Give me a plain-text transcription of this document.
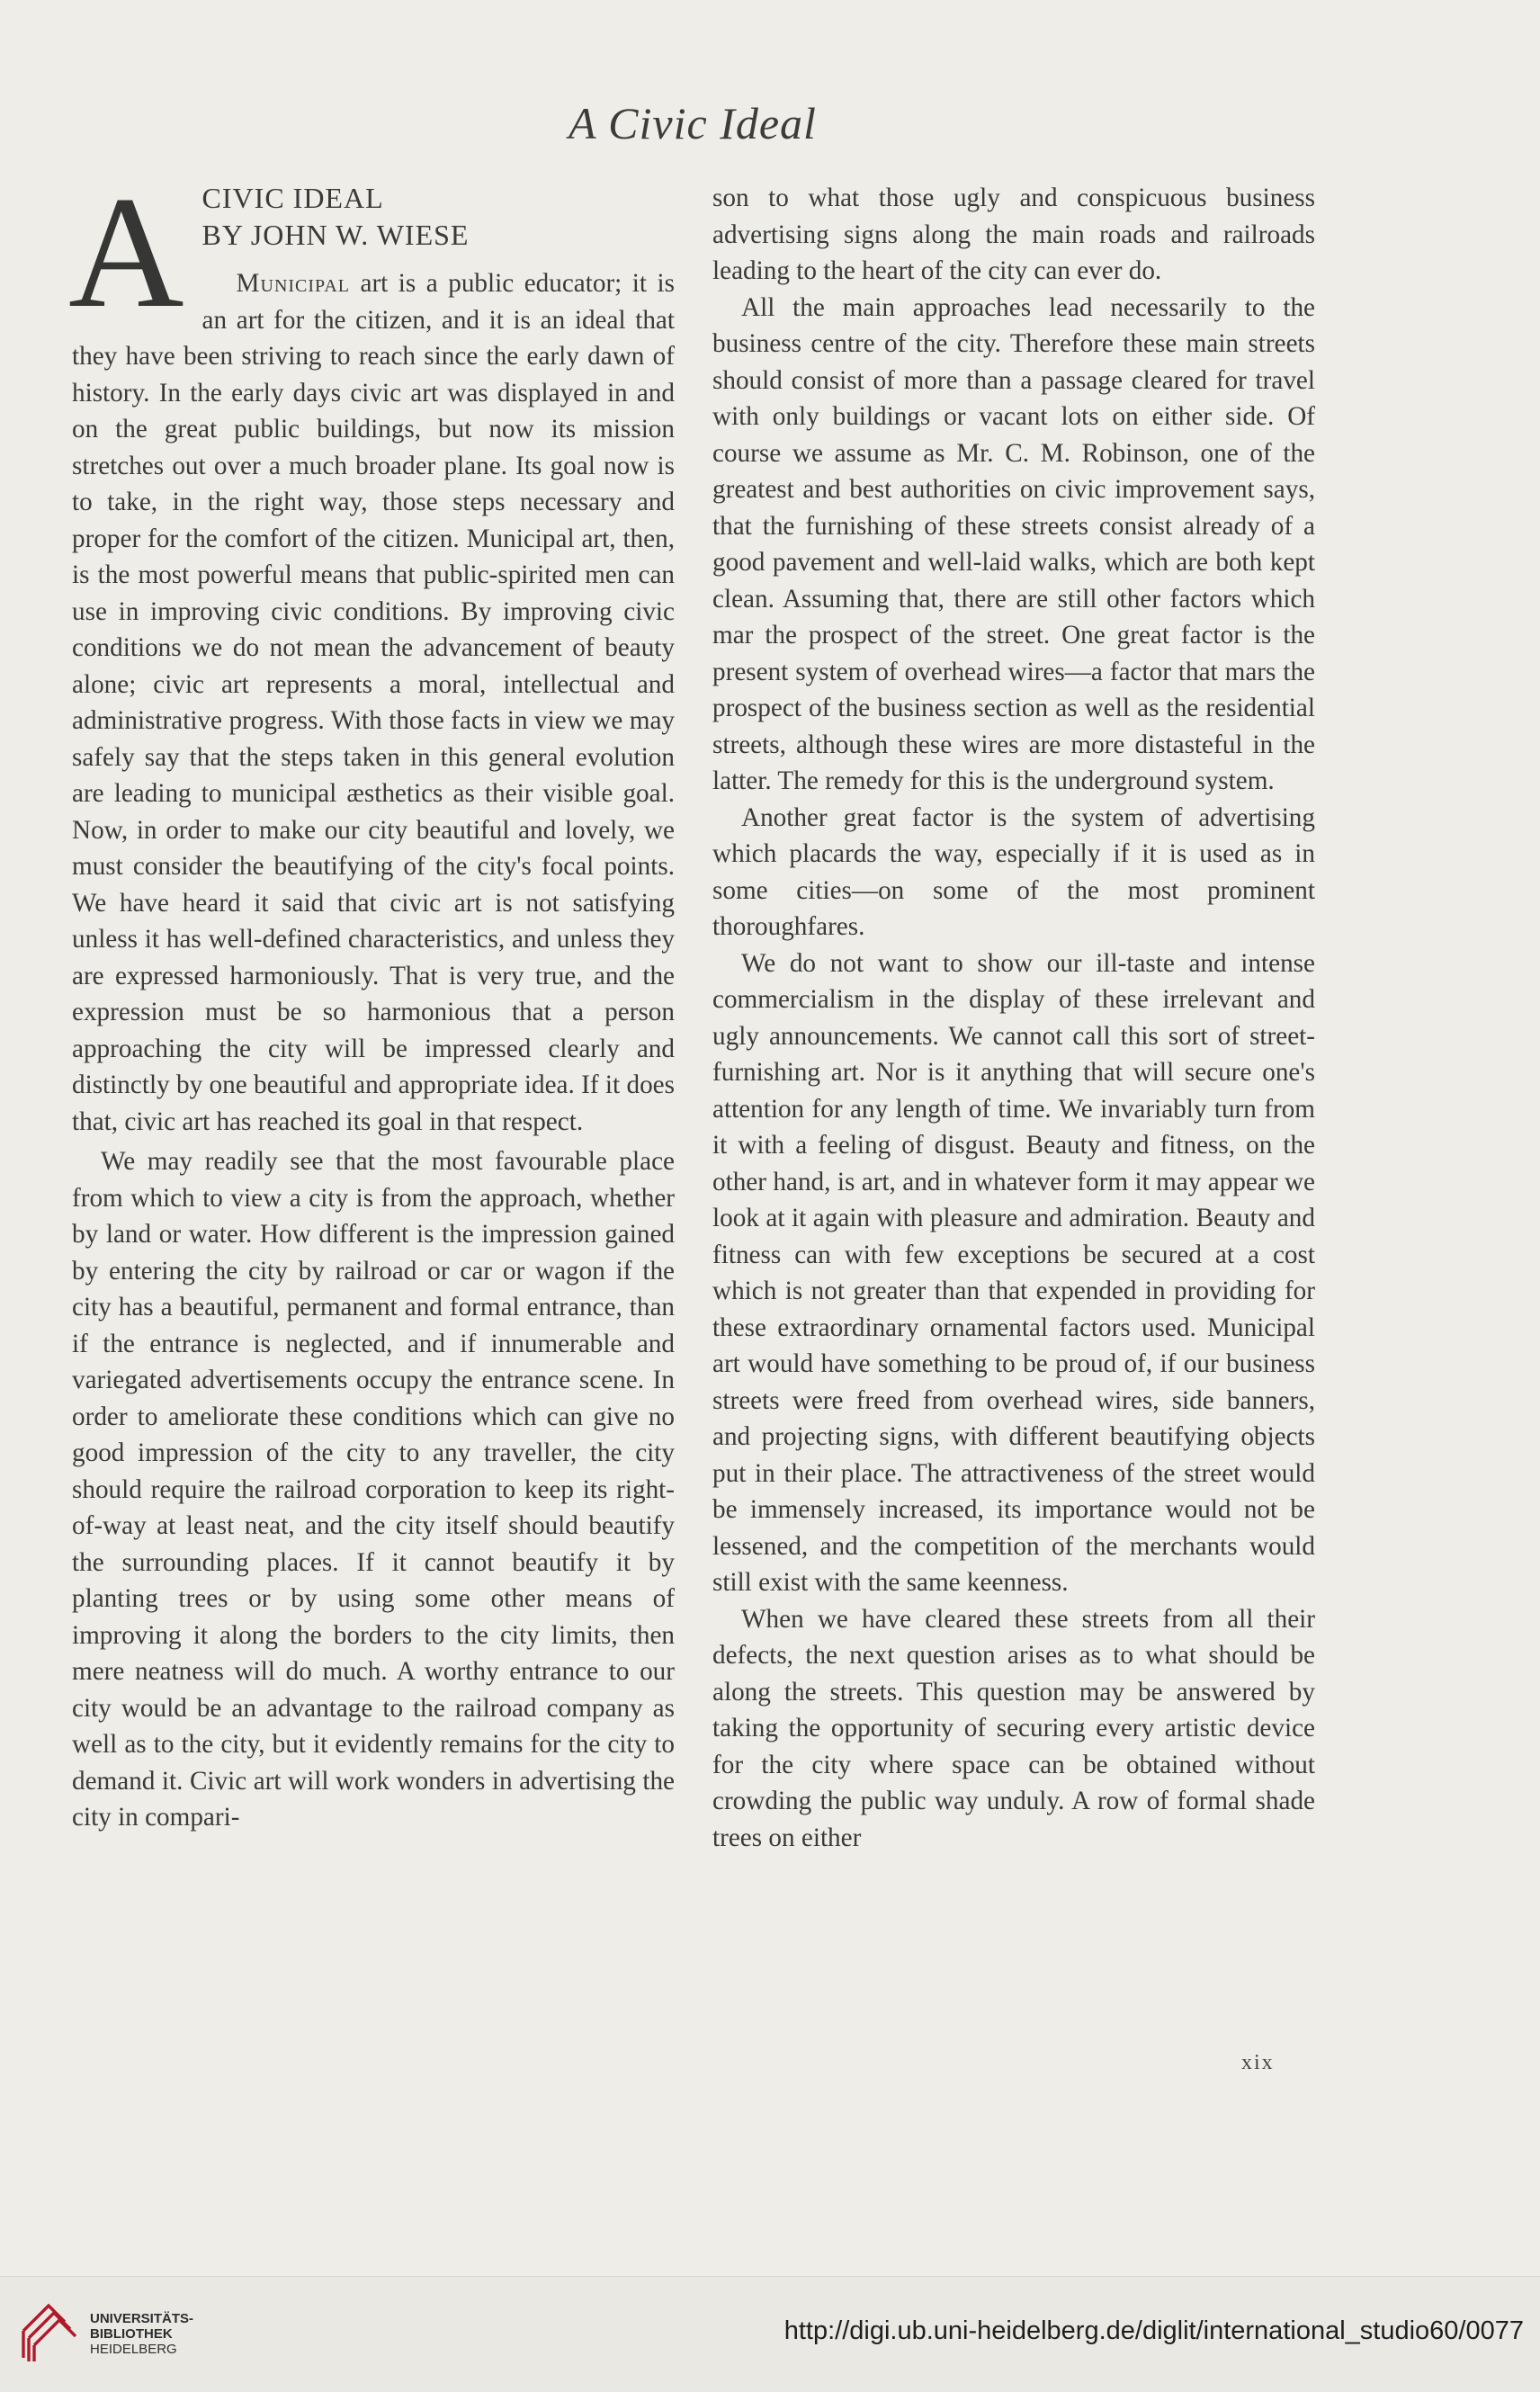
A Civic Ideal
A CIVIC IDEAL
BY JOHN W. WIESE

Municipal art is a public educator; it is an art for the citizen, and it is an ideal that they have been striving to reach since the early dawn of history. In the early days civic art was displayed in and on the great public buildings, but now its mission stretches out over a much broader plane. Its goal now is to take, in the right way, those steps necessary and proper for the comfort of the citizen. Municipal art, then, is the most powerful means that public-spirited men can use in improving civic conditions. By improving civic conditions we do not mean the advancement of beauty alone; civic art represents a moral, intellectual and administrative progress. With those facts in view we may safely say that the steps taken in this general evolution are leading to municipal æsthetics as their visible goal. Now, in order to make our city beautiful and lovely, we must consider the beautifying of the city's focal points. We have heard it said that civic art is not satisfying unless it has well-defined characteristics, and unless they are expressed harmoniously. That is very true, and the expression must be so harmonious that a person approaching the city will be impressed clearly and distinctly by one beautiful and appropriate idea. If it does that, civic art has reached its goal in that respect.

We may readily see that the most favourable place from which to view a city is from the approach, whether by land or water. How different is the impression gained by entering the city by railroad or car or wagon if the city has a beautiful, permanent and formal entrance, than if the entrance is neglected, and if innumerable and variegated advertisements occupy the entrance scene. In order to ameliorate these conditions which can give no good impression of the city to any traveller, the city should require the railroad corporation to keep its right-of-way at least neat, and the city itself should beautify the surrounding places. If it cannot beautify it by planting trees or by using some other means of improving it along the borders to the city limits, then mere neatness will do much. A worthy entrance to our city would be an advantage to the railroad company as well as to the city, but it evidently remains for the city to demand it. Civic art will work wonders in advertising the city in compari-

son to what those ugly and conspicuous business advertising signs along the main roads and railroads leading to the heart of the city can ever do.

All the main approaches lead necessarily to the business centre of the city. Therefore these main streets should consist of more than a passage cleared for travel with only buildings or vacant lots on either side. Of course we assume as Mr. C. M. Robinson, one of the greatest and best authorities on civic improvement says, that the furnishing of these streets consist already of a good pavement and well-laid walks, which are both kept clean. Assuming that, there are still other factors which mar the prospect of the street. One great factor is the present system of overhead wires—a factor that mars the prospect of the business section as well as the residential streets, although these wires are more distasteful in the latter. The remedy for this is the underground system.

Another great factor is the system of advertising which placards the way, especially if it is used as in some cities—on some of the most prominent thoroughfares.

We do not want to show our ill-taste and intense commercialism in the display of these irrelevant and ugly announcements. We cannot call this sort of street-furnishing art. Nor is it anything that will secure one's attention for any length of time. We invariably turn from it with a feeling of disgust. Beauty and fitness, on the other hand, is art, and in whatever form it may appear we look at it again with pleasure and admiration. Beauty and fitness can with few exceptions be secured at a cost which is not greater than that expended in providing for these extraordinary ornamental factors used. Municipal art would have something to be proud of, if our business streets were freed from overhead wires, side banners, and projecting signs, with different beautifying objects put in their place. The attractiveness of the street would be immensely increased, its importance would not be lessened, and the competition of the merchants would still exist with the same keenness.

When we have cleared these streets from all their defects, the next question arises as to what should be along the streets. This question may be answered by taking the opportunity of securing every artistic device for the city where space can be obtained without crowding the public way unduly. A row of formal shade trees on either

xix
UNIVERSITÄTS-
BIBLIOTHEK
HEIDELBERG
http://digi.ub.uni-heidelberg.de/diglit/international_studio60/0077
